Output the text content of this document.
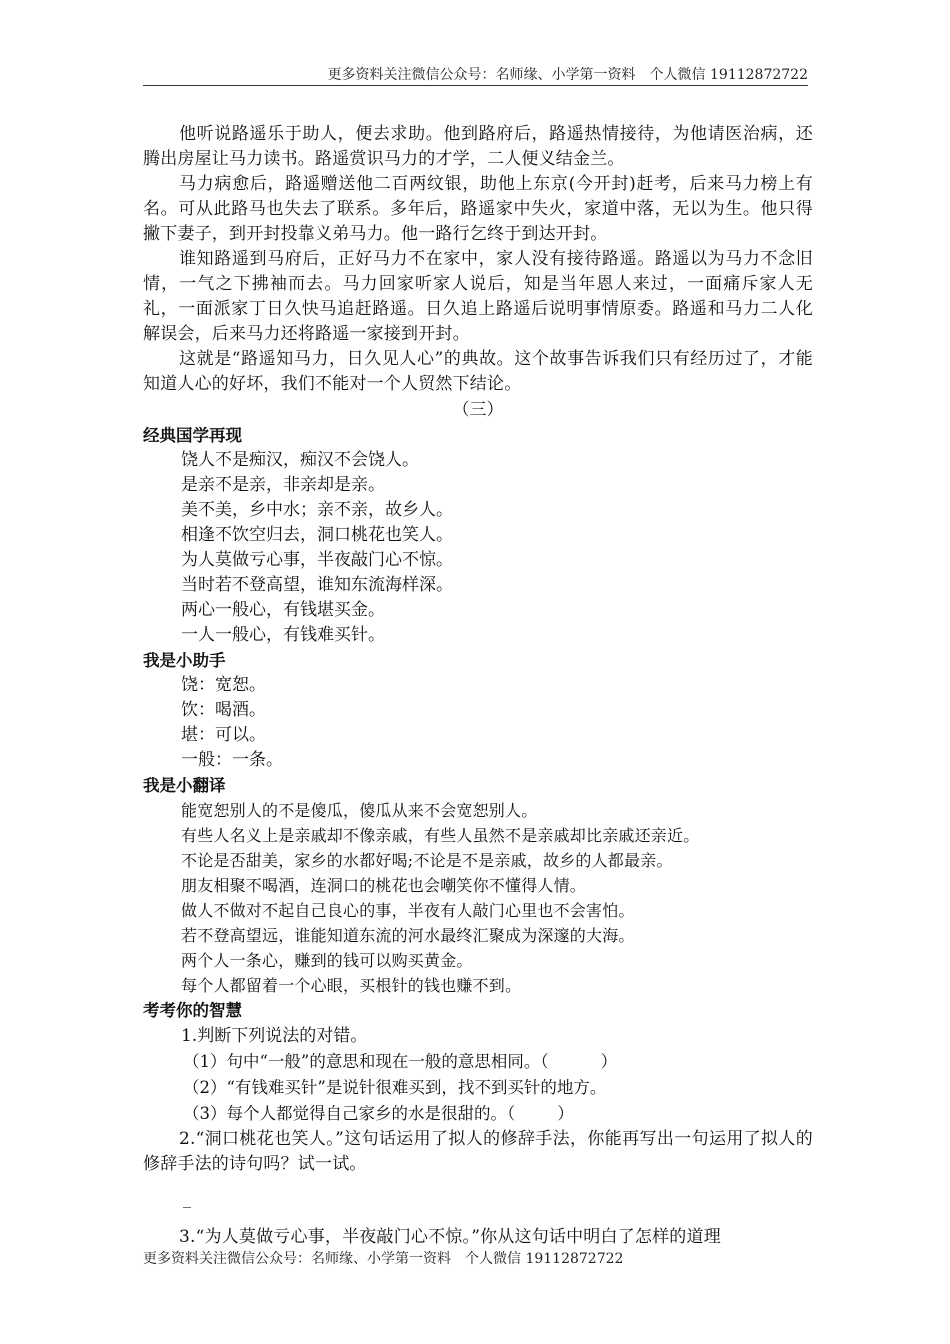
更多资料关注微信公众号：名师缘、小学第一资料　个人微信 19112872722

他听说路遥乐于助人，便去求助。他到路府后，路遥热情接待，为他请医治病，还腾出房屋让马力读书。路遥赏识马力的才学，二人便义结金兰。

马力病愈后，路遥赠送他二百两纹银，助他上东京(今开封)赶考，后来马力榜上有名。可从此路马也失去了联系。多年后，路遥家中失火，家道中落，无以为生。他只得撇下妻子，到开封投靠义弟马力。他一路行乞终于到达开封。

谁知路遥到马府后，正好马力不在家中，家人没有接待路遥。路遥以为马力不念旧情，一气之下拂袖而去。马力回家听家人说后，知是当年恩人来过，一面痛斥家人无礼，一面派家丁日久快马追赶路遥。日久追上路遥后说明事情原委。路遥和马力二人化解误会，后来马力还将路遥一家接到开封。

这就是“路遥知马力，日久见人心”的典故。这个故事告诉我们只有经历过了，才能知道人心的好坏，我们不能对一个人贸然下结论。

（三）
经典国学再现
饶人不是痴汉，痴汉不会饶人。
是亲不是亲，非亲却是亲。
美不美，乡中水；亲不亲，故乡人。
相逢不饮空归去，洞口桃花也笑人。
为人莫做亏心事，半夜敲门心不惊。
当时若不登高望，谁知东流海样深。
两心一般心，有钱堪买金。
一人一般心，有钱难买针。
我是小助手
饶：宽恕。
饮：喝酒。
堪：可以。
一般：一条。
我是小翻译
能宽恕别人的不是傻瓜，傻瓜从来不会宽恕别人。
有些人名义上是亲戚却不像亲戚，有些人虽然不是亲戚却比亲戚还亲近。
不论是否甜美，家乡的水都好喝;不论是不是亲戚，故乡的人都最亲。
朋友相聚不喝酒，连洞口的桃花也会嘲笑你不懂得人情。
做人不做对不起自己良心的事，半夜有人敲门心里也不会害怕。
若不登高望远，谁能知道东流的河水最终汇聚成为深邃的大海。
两个人一条心，赚到的钱可以购买黄金。
每个人都留着一个心眼，买根针的钱也赚不到。
考考你的智慧
1.判断下列说法的对错。
（1）句中“一般”的意思和现在一般的意思相同。（	）
（2）“有钱难买针”是说针很难买到，找不到买针的地方。
（3）每个人都觉得自己家乡的水是很甜的。（	）

2.“洞口桃花也笑人。”这句话运用了拟人的修辞手法，你能再写出一句运用了拟人的修辞手法的诗句吗？试一试。

_

3.“为人莫做亏心事，半夜敲门心不惊。”你从这句话中明白了怎样的道理

更多资料关注微信公众号：名师缘、小学第一资料　个人微信 19112872722
